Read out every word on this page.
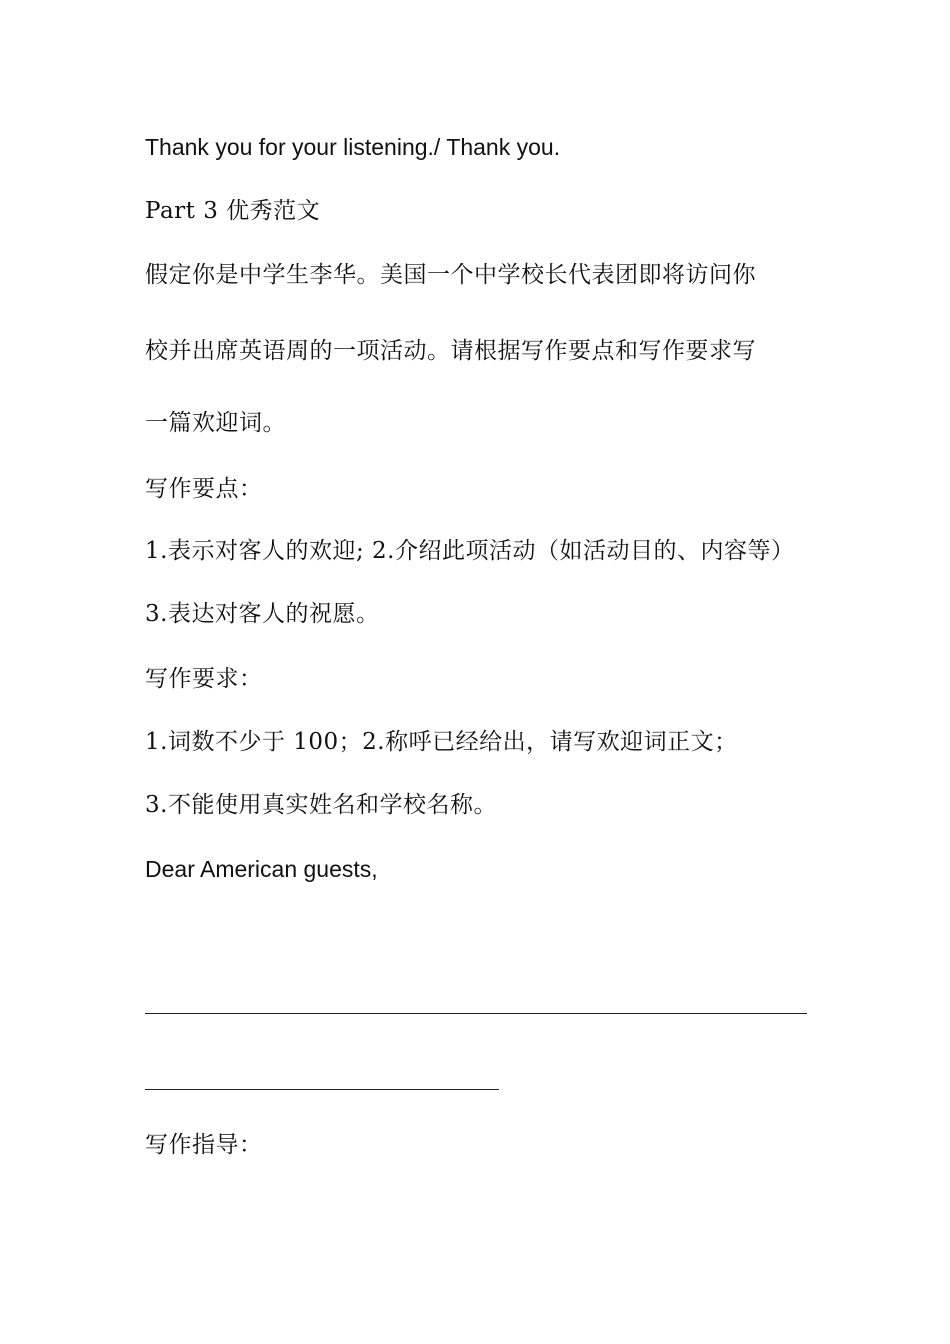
Thank you for your listening./ Thank you.

Part 3 优秀范文

假定你是中学生李华。美国一个中学校长代表团即将访问你

校并出席英语周的一项活动。请根据写作要点和写作要求写

一篇欢迎词。

写作要点：

1.表示对客人的欢迎; 2.介绍此项活动（如活动目的、内容等）

3.表达对客人的祝愿。

写作要求：

1.词数不少于 100；2.称呼已经给出，请写欢迎词正文；

3.不能使用真实姓名和学校名称。

Dear American guests,

写作指导：
